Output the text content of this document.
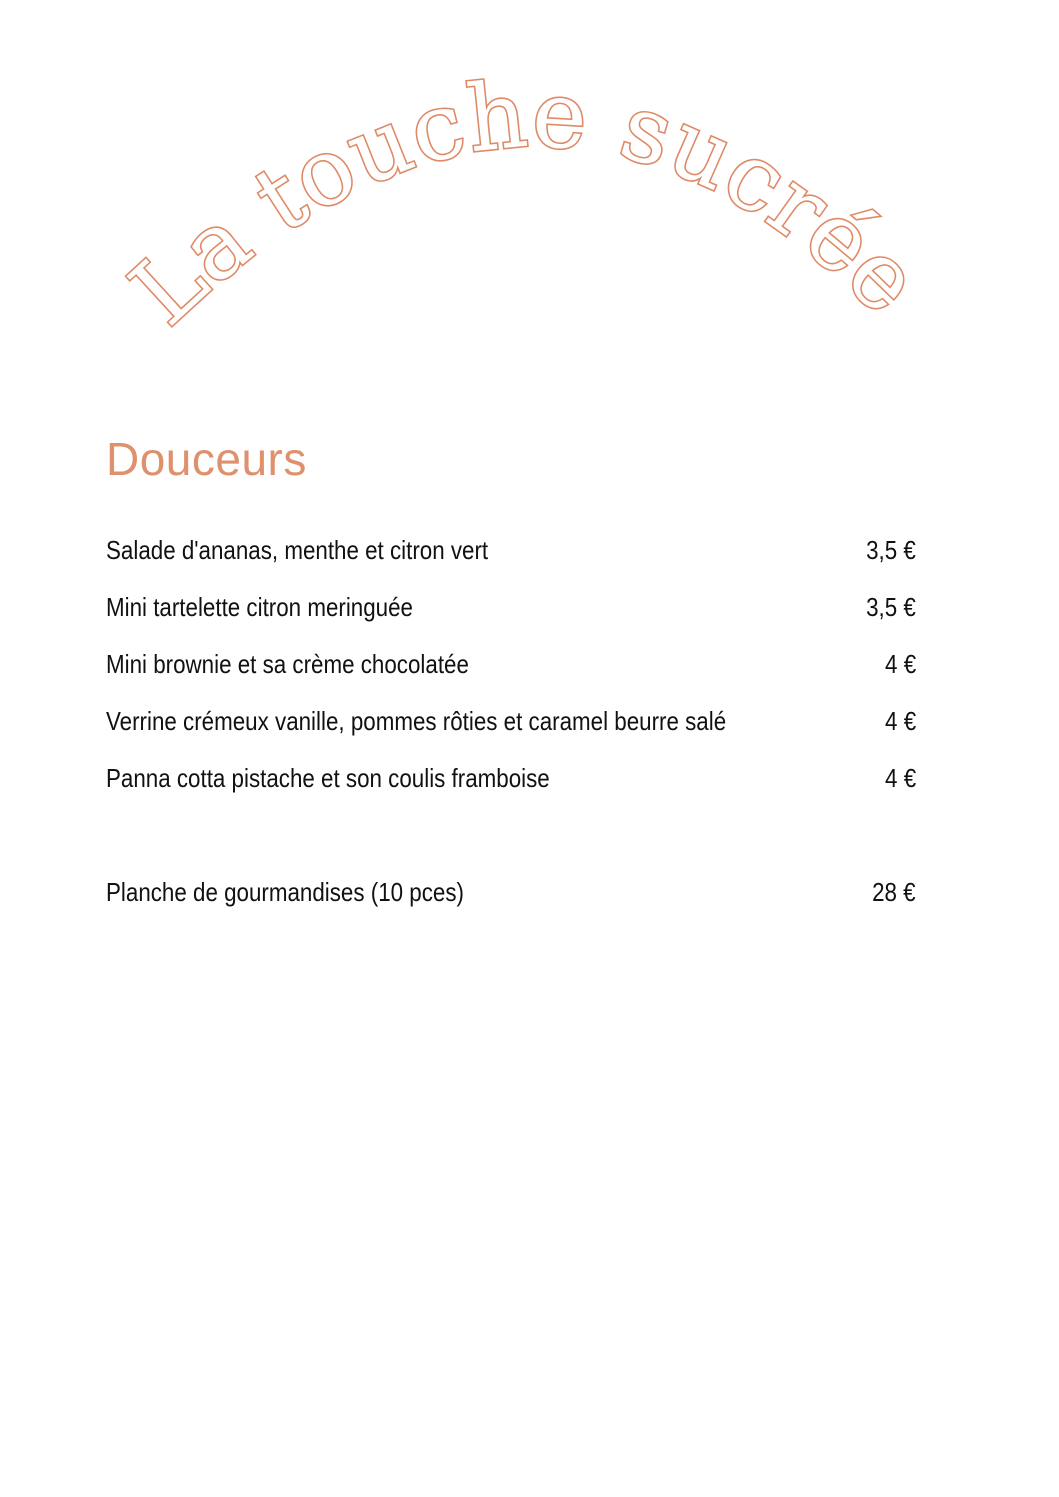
La touche sucrée
Douceurs
Salade d'ananas, menthe et citron vert	3,5 €
Mini tartelette citron meringuée	3,5 €
Mini brownie et sa crème chocolatée	4 €
Verrine crémeux vanille, pommes rôties et caramel beurre salé	4 €
Panna cotta pistache et son coulis framboise	4 €
Planche de gourmandises (10 pces)	28 €
